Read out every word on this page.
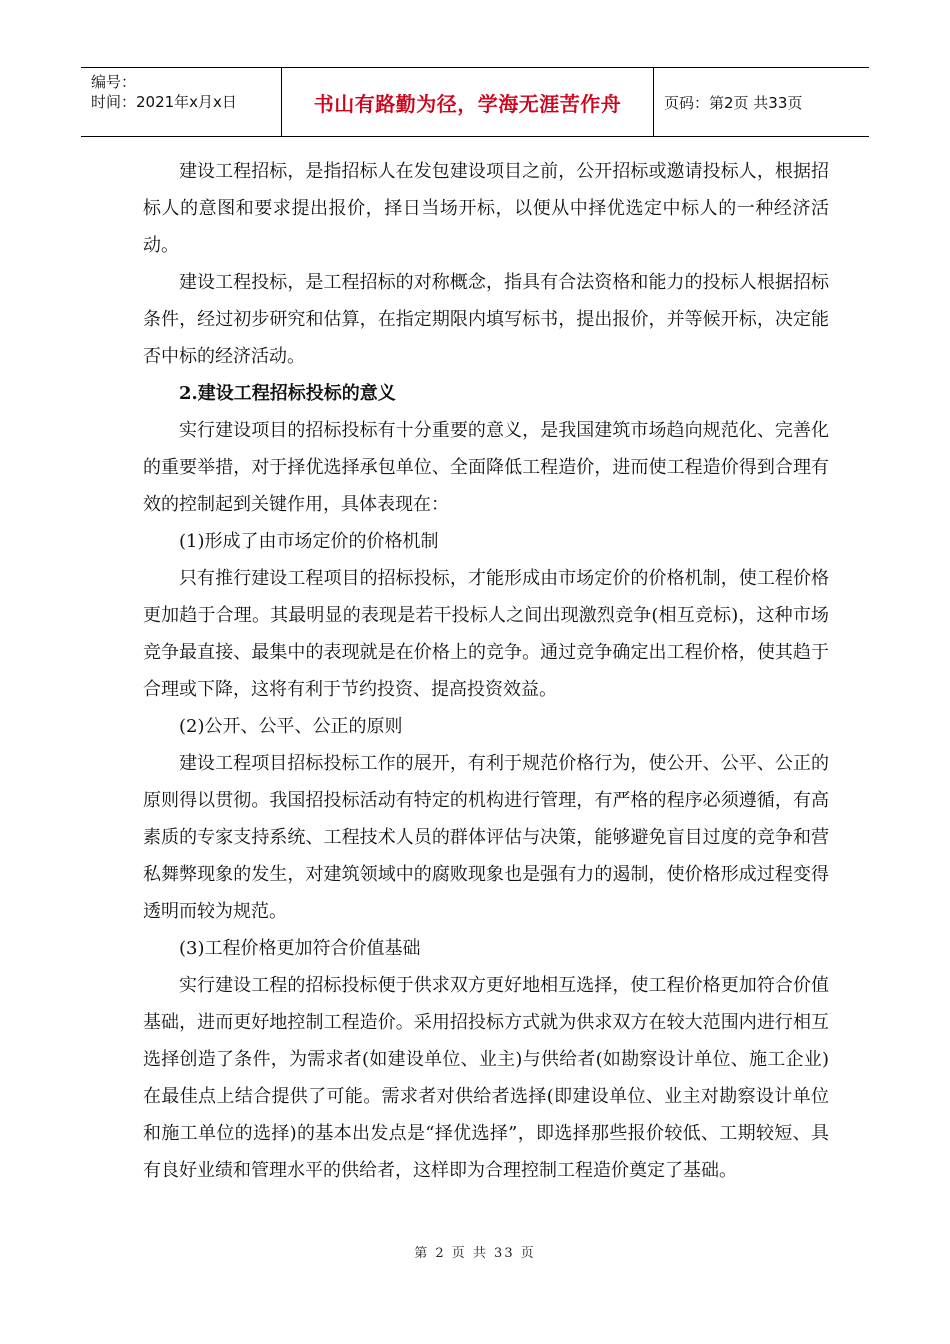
编号：
时间：2021年x月x日	书山有路勤为径，学海无涯苦作舟	页码：第2页 共33页

建设工程招标，是指招标人在发包建设项目之前，公开招标或邀请投标人，根据招标人的意图和要求提出报价，择日当场开标，以便从中择优选定中标人的一种经济活动。

建设工程投标，是工程招标的对称概念，指具有合法资格和能力的投标人根据招标条件，经过初步研究和估算，在指定期限内填写标书，提出报价，并等候开标，决定能否中标的经济活动。

2.建设工程招标投标的意义

实行建设项目的招标投标有十分重要的意义，是我国建筑市场趋向规范化、完善化的重要举措，对于择优选择承包单位、全面降低工程造价，进而使工程造价得到合理有效的控制起到关键作用，具体表现在：

(1)形成了由市场定价的价格机制

只有推行建设工程项目的招标投标，才能形成由市场定价的价格机制，使工程价格更加趋于合理。其最明显的表现是若干投标人之间出现激烈竞争(相互竞标)，这种市场竞争最直接、最集中的表现就是在价格上的竞争。通过竞争确定出工程价格，使其趋于合理或下降，这将有利于节约投资、提高投资效益。

(2)公开、公平、公正的原则

建设工程项目招标投标工作的展开，有利于规范价格行为，使公开、公平、公正的原则得以贯彻。我国招投标活动有特定的机构进行管理，有严格的程序必须遵循，有高素质的专家支持系统、工程技术人员的群体评估与决策，能够避免盲目过度的竞争和营私舞弊现象的发生，对建筑领域中的腐败现象也是强有力的遏制，使价格形成过程变得透明而较为规范。

(3)工程价格更加符合价值基础

实行建设工程的招标投标便于供求双方更好地相互选择，使工程价格更加符合价值基础，进而更好地控制工程造价。采用招投标方式就为供求双方在较大范围内进行相互选择创造了条件，为需求者(如建设单位、业主)与供给者(如勘察设计单位、施工企业)在最佳点上结合提供了可能。需求者对供给者选择(即建设单位、业主对勘察设计单位和施工单位的选择)的基本出发点是“择优选择”，即选择那些报价较低、工期较短、具有良好业绩和管理水平的供给者，这样即为合理控制工程造价奠定了基础。

第 2 页 共 33 页
